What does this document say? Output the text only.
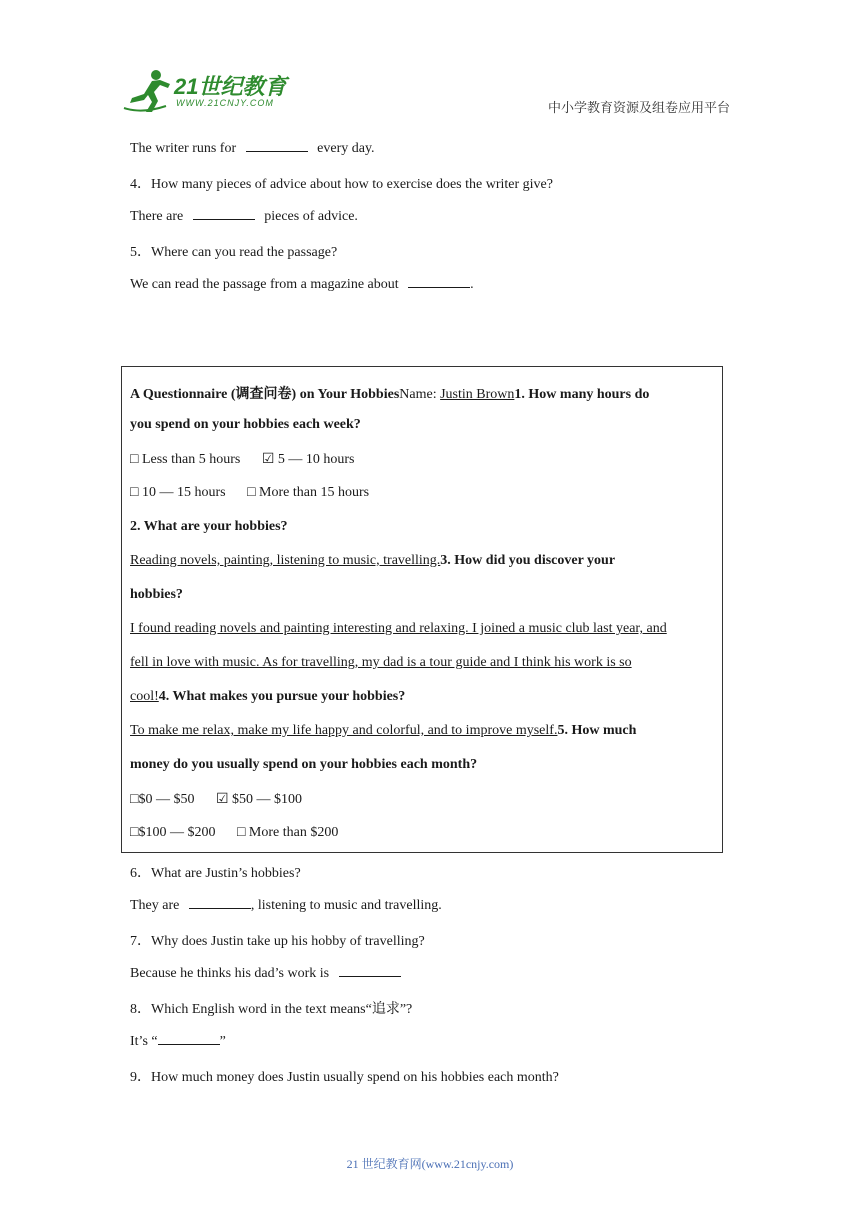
21世纪教育
WWW.21CNJY.COM	中小学教育资源及组卷应用平台
The writer runs for	every day.
4．How many pieces of advice about how to exercise does the writer give?
There are	pieces of advice.
5．Where can you read the passage?
We can read the passage from a magazine about	.
A Questionnaire (调查问卷) on Your HobbiesName: Justin Brown1. How many hours do
you spend on your hobbies each week?
□ Less than 5 hours ☑ 5 — 10 hours
□ 10 — 15 hours □ More than 15 hours
2. What are your hobbies?
Reading novels, painting, listening to music, travelling.3. How did you discover your
hobbies?
I found reading novels and painting interesting and relaxing. I joined a music club last year, and
fell in love with music. As for travelling, my dad is a tour guide and I think his work is so
cool!4. What makes you pursue your hobbies?
To make me relax, make my life happy and colorful, and to improve myself.5. How much
money do you usually spend on your hobbies each month?
□$0 — $50 ☑ $50 — $100
□$100 — $200 □ More than $200
6．What are Justin’s hobbies?
They are	, listening to music and travelling.
7．Why does Justin take up his hobby of travelling?
Because he thinks his dad’s work is
8．Which English word in the text means“追求”?
It’s “	”
9．How much money does Justin usually spend on his hobbies each month?
21 世纪教育网(www.21cnjy.com)
